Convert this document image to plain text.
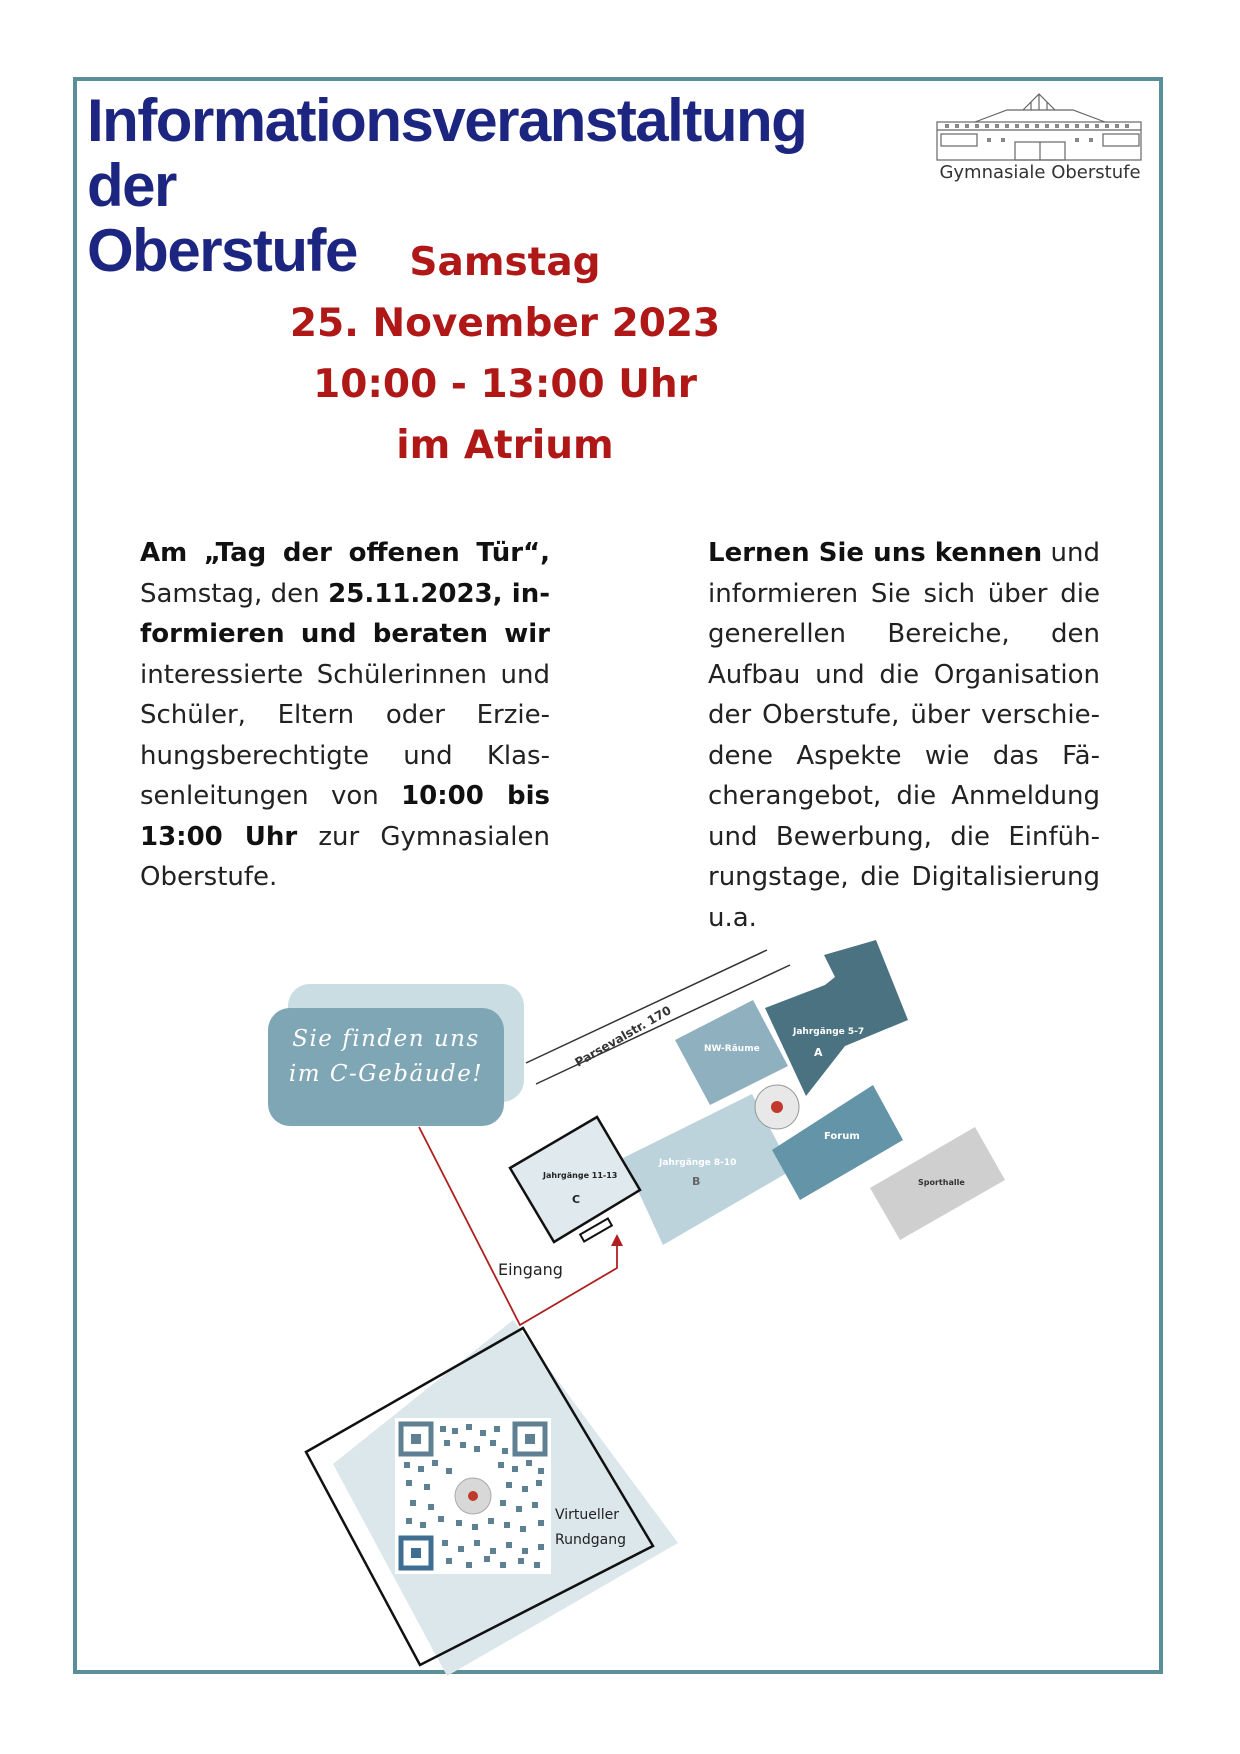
Informationsveranstaltung der
Oberstufe
Gymnasiale Oberstufe
Samstag
25. November 2023
10:00 - 13:00 Uhr
im Atrium

Am „Tag der offenen Tür“, Samstag, den 25.11.2023, informieren und beraten wir interessierte Schülerinnen und Schüler, Eltern oder Erziehungsberechtigte und Klassenleitungen von 10:00 bis 13:00 Uhr zur Gymnasialen Oberstufe.

Lernen Sie uns kennen und informieren Sie sich über die generellen Bereiche, den Aufbau und die Organisation der Oberstufe, über verschiedene Aspekte wie das Fächerangebot, die Anmeldung und Bewerbung, die Einführungstage, die Digitalisierung u.a.

Parsevalstr. 170	NW-Räume
Jahrgänge 5-7
A
Jahrgänge 8-10
B
Jahrgänge 11-13
C
Forum
Sporthalle
Eingang
Virtueller
Rundgang
Sie finden uns
im C-Gebäude!
